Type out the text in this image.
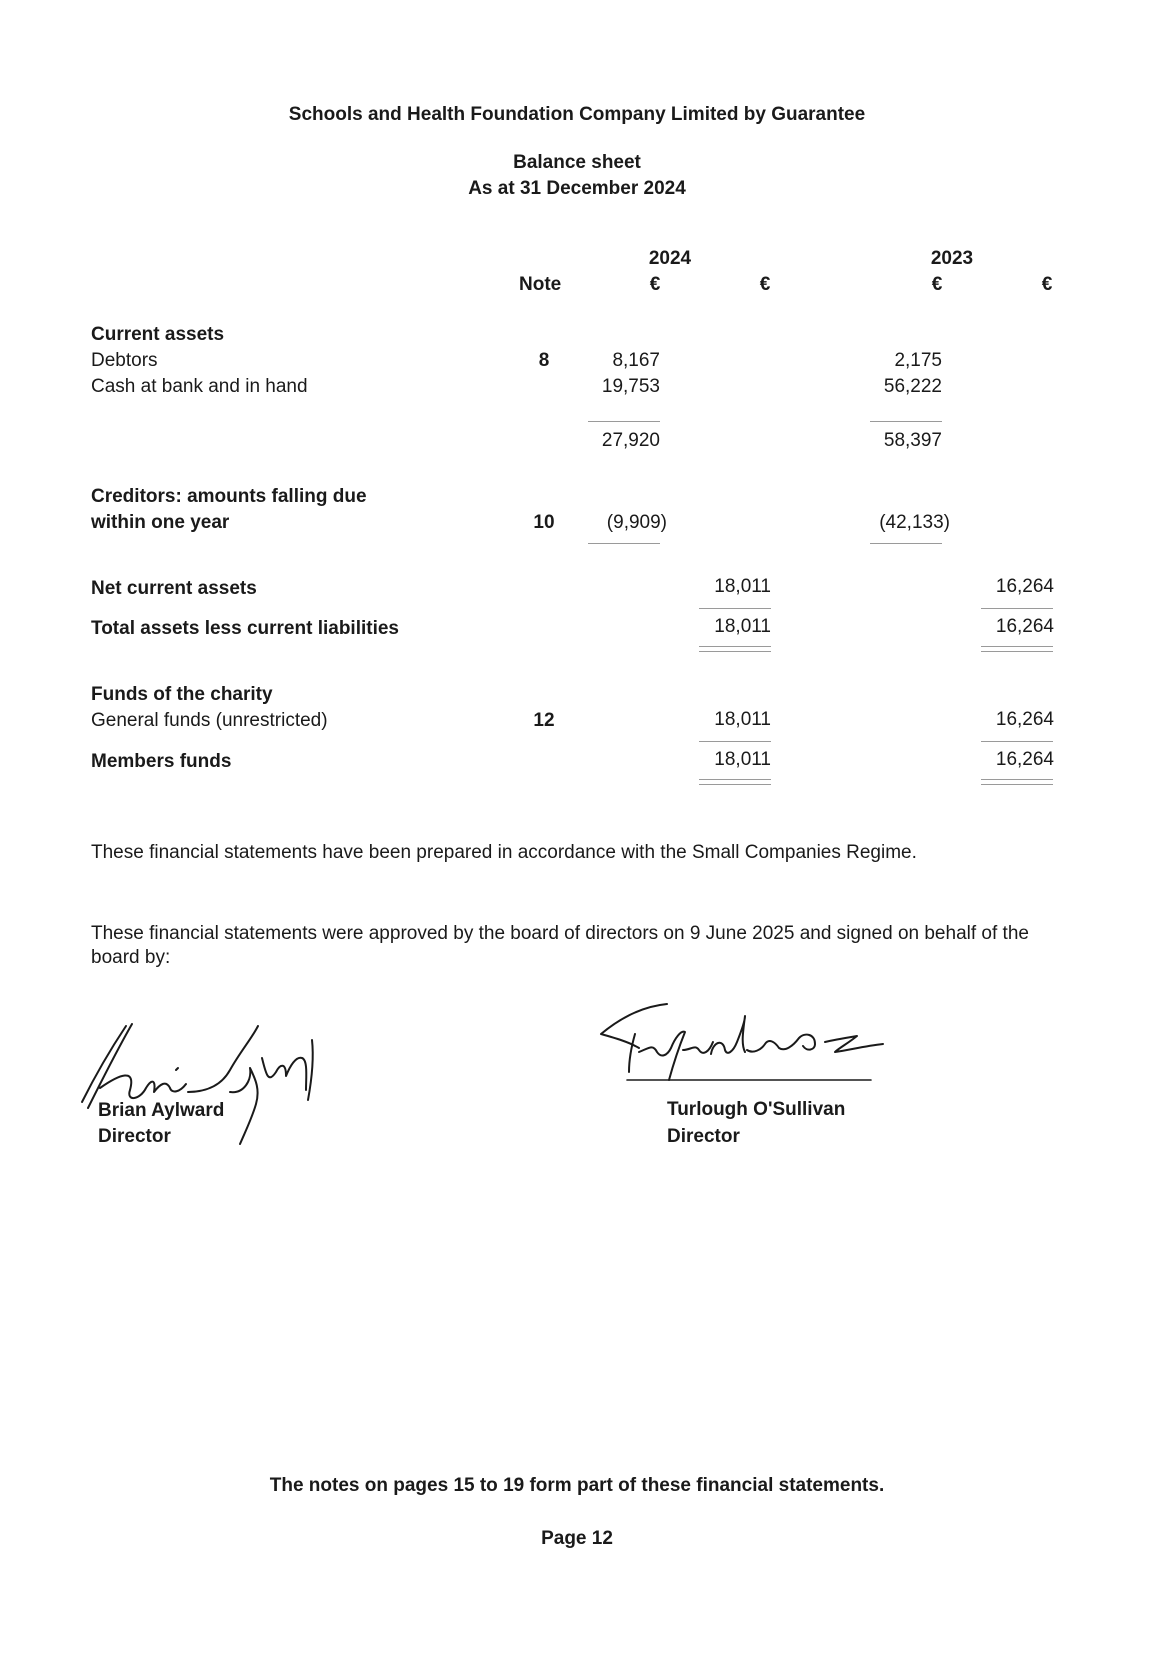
Schools and Health Foundation Company Limited by Guarantee
Balance sheet
As at 31 December 2024
2024	2023
Note	€	€	€	€
Current assets
Debtors	8	8,167	2,175
Cash at bank and in hand	19,753	56,222
27,920	58,397
Creditors: amounts falling due
within one year	10	(9,909)	(42,133)
Net current assets	18,011	16,264
Total assets less current liabilities	18,011	16,264
Funds of the charity
General funds (unrestricted)	12	18,011	16,264
Members funds	18,011	16,264
These financial statements have been prepared in accordance with the Small Companies Regime.
These financial statements were approved by the board of directors on 9 June 2025 and signed on behalf of the board by:
Brian Aylward
Director
Turlough O'Sullivan
Director
The notes on pages 15 to 19 form part of these financial statements.
Page 12
